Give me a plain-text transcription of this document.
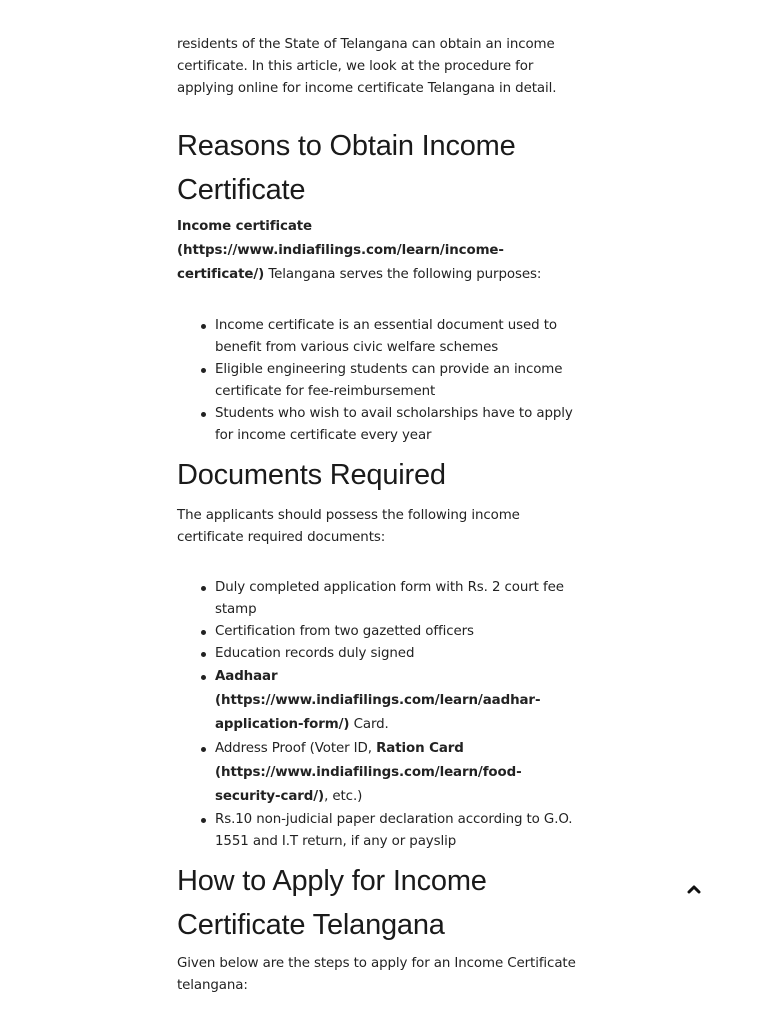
residents of the State of Telangana can obtain an income certificate. In this article, we look at the procedure for applying online for income certificate Telangana in detail.

Reasons to Obtain Income Certificate

Income certificate (https://www.indiafilings.com/learn/income-certificate/) Telangana serves the following purposes:

Income certificate is an essential document used to benefit from various civic welfare schemes
Eligible engineering students can provide an income certificate for fee-reimbursement
Students who wish to avail scholarships have to apply for income certificate every year
Documents Required

The applicants should possess the following income certificate required documents:

Duly completed application form with Rs. 2 court fee stamp
Certification from two gazetted officers
Education records duly signed
Aadhaar (https://www.indiafilings.com/learn/aadhar-application-form/) Card.
Address Proof (Voter ID, Ration Card (https://www.indiafilings.com/learn/food-security-card/), etc.)
Rs.10 non-judicial paper declaration according to G.O. 1551 and I.T return, if any or payslip
How to Apply for Income Certificate Telangana

Given below are the steps to apply for an Income Certificate telangana:
